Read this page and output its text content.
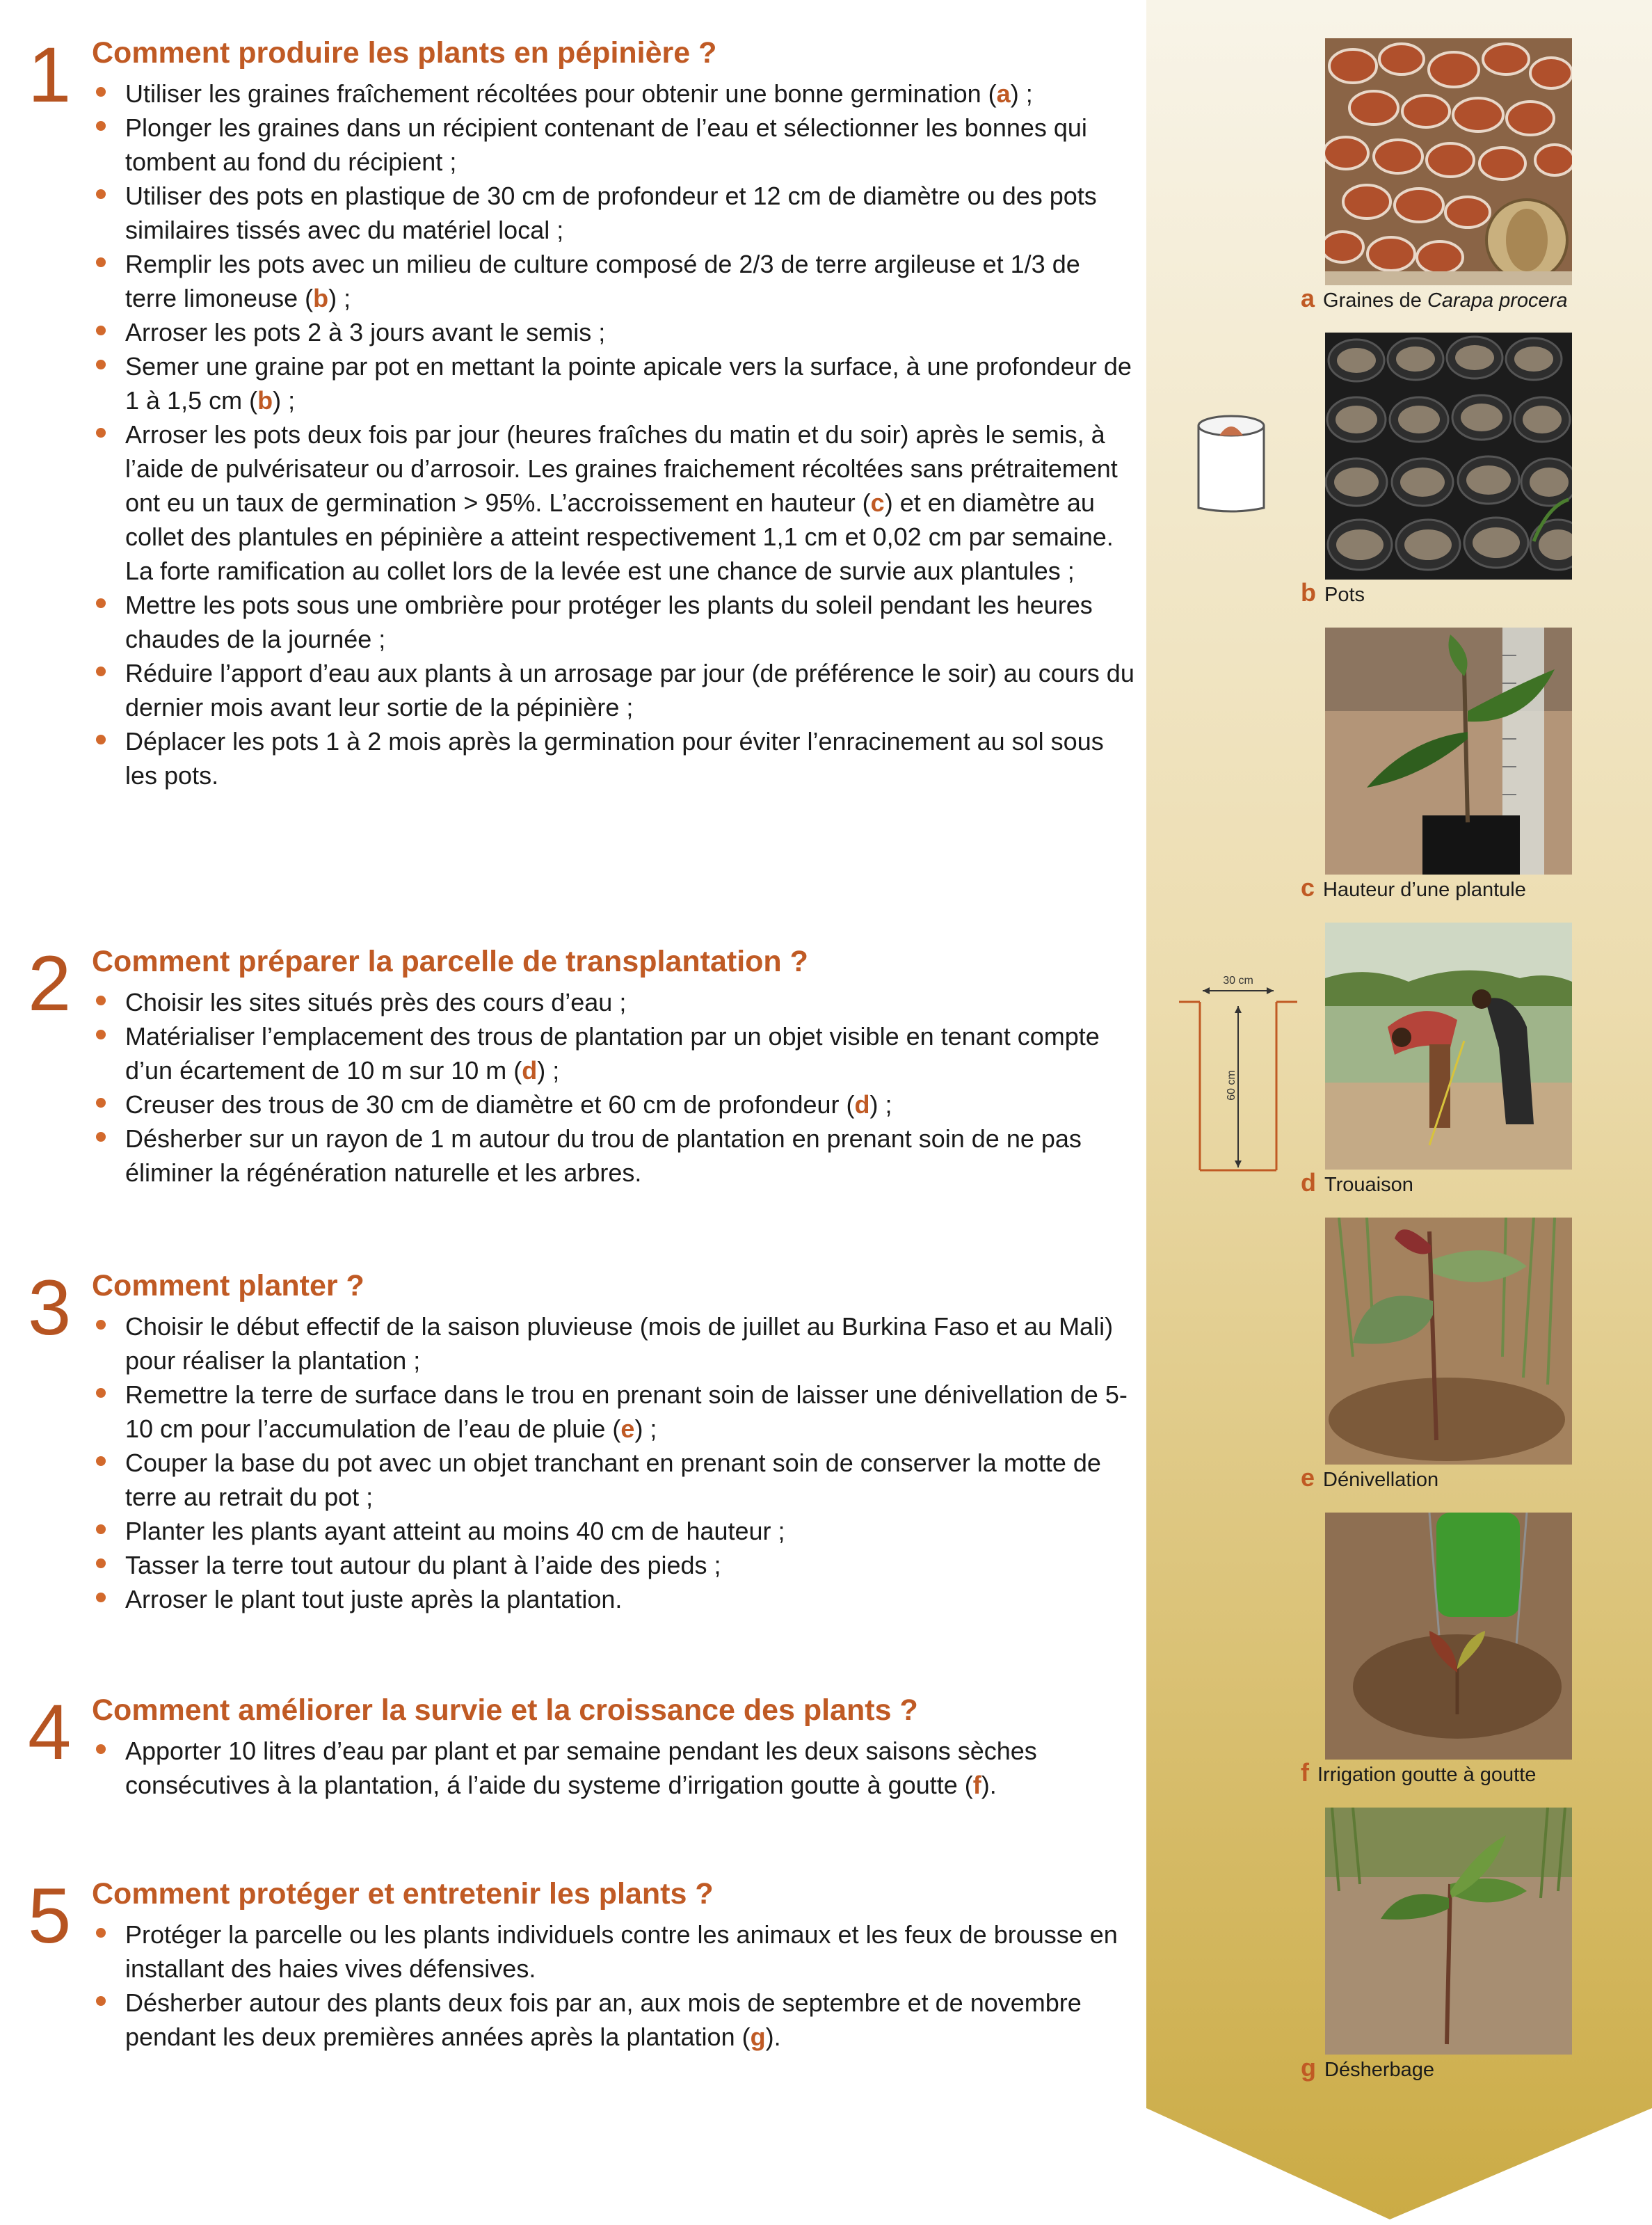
1 Comment produire les plants en pépinière ?
Utiliser les graines fraîchement récoltées pour obtenir une bonne germination (a) ;
Plonger les graines dans un récipient contenant de l’eau et sélectionner les bonnes qui tombent au fond du récipient ;
Utiliser des pots en plastique de 30 cm de profondeur et 12 cm de diamètre ou des pots similaires tissés avec du matériel local ;
Remplir les pots avec un milieu de culture composé de 2/3 de terre argileuse et 1/3 de terre limoneuse (b) ;
Arroser les pots 2 à 3 jours avant le semis ;
Semer une graine par pot en mettant la pointe apicale vers la surface, à une profondeur de 1 à 1,5 cm (b) ;
Arroser les pots deux fois par jour (heures fraîches du matin et du soir) après le semis, à l’aide de pulvérisateur ou d’arrosoir. Les graines fraichement récoltées sans prétraitement ont eu un taux de germination > 95%. L’accroissement en hauteur (c) et en diamètre au collet des plantules en pépinière a atteint respectivement 1,1 cm et 0,02 cm par semaine. La forte ramification au collet lors de la levée est une chance de survie aux plantules ;
Mettre les pots sous une ombrière pour protéger les plants du soleil pendant les heures chaudes de la journée ;
Réduire l’apport d’eau aux plants à un arrosage par jour (de préférence le soir) au cours du dernier mois avant leur sortie de la pépinière ;
Déplacer les pots 1 à 2 mois après la germination pour éviter l’enracinement au sol sous les pots.
2 Comment préparer la parcelle de transplantation ?
Choisir les sites situés près des cours d’eau ;
Matérialiser l’emplacement des trous de plantation par un objet visible en tenant compte d’un écartement de 10 m sur 10 m (d) ;
Creuser des trous de 30 cm de diamètre et 60 cm de profondeur (d) ;
Désherber sur un rayon de 1 m autour du trou de plantation en prenant soin de ne pas éliminer la régénération naturelle et les arbres.
3 Comment planter ?
Choisir le début effectif de la saison pluvieuse (mois de juillet au Burkina Faso et au Mali) pour réaliser la plantation ;
Remettre la terre de surface dans le trou en prenant soin de laisser une dénivellation de 5-10 cm pour l’accumulation de l’eau de pluie (e) ;
Couper la base du pot avec un objet tranchant en prenant soin de conserver la motte de terre au retrait du pot ;
Planter les plants ayant atteint au moins 40 cm de hauteur ;
Tasser la terre tout autour du plant à l’aide des pieds ;
Arroser le plant tout juste après la plantation.
4 Comment améliorer la survie et la croissance des plants ?
Apporter 10 litres d’eau par plant et par semaine pendant les deux saisons sèches consécutives à la plantation, á l’aide du systeme d’irrigation goutte à goutte (f).
5 Comment protéger et entretenir les plants ?
Protéger la parcelle ou les plants individuels contre les animaux et les feux de brousse en installant des haies vives défensives.
Désherber autour des plants deux fois par an, aux mois de septembre et de novembre pendant les deux premières années après la plantation (g).
30 cm
60 cm
a Graines de Carapa procera
b Pots
c Hauteur d’une plantule
d Trouaison
e Dénivellation
f Irrigation goutte à goutte
g Désherbage
